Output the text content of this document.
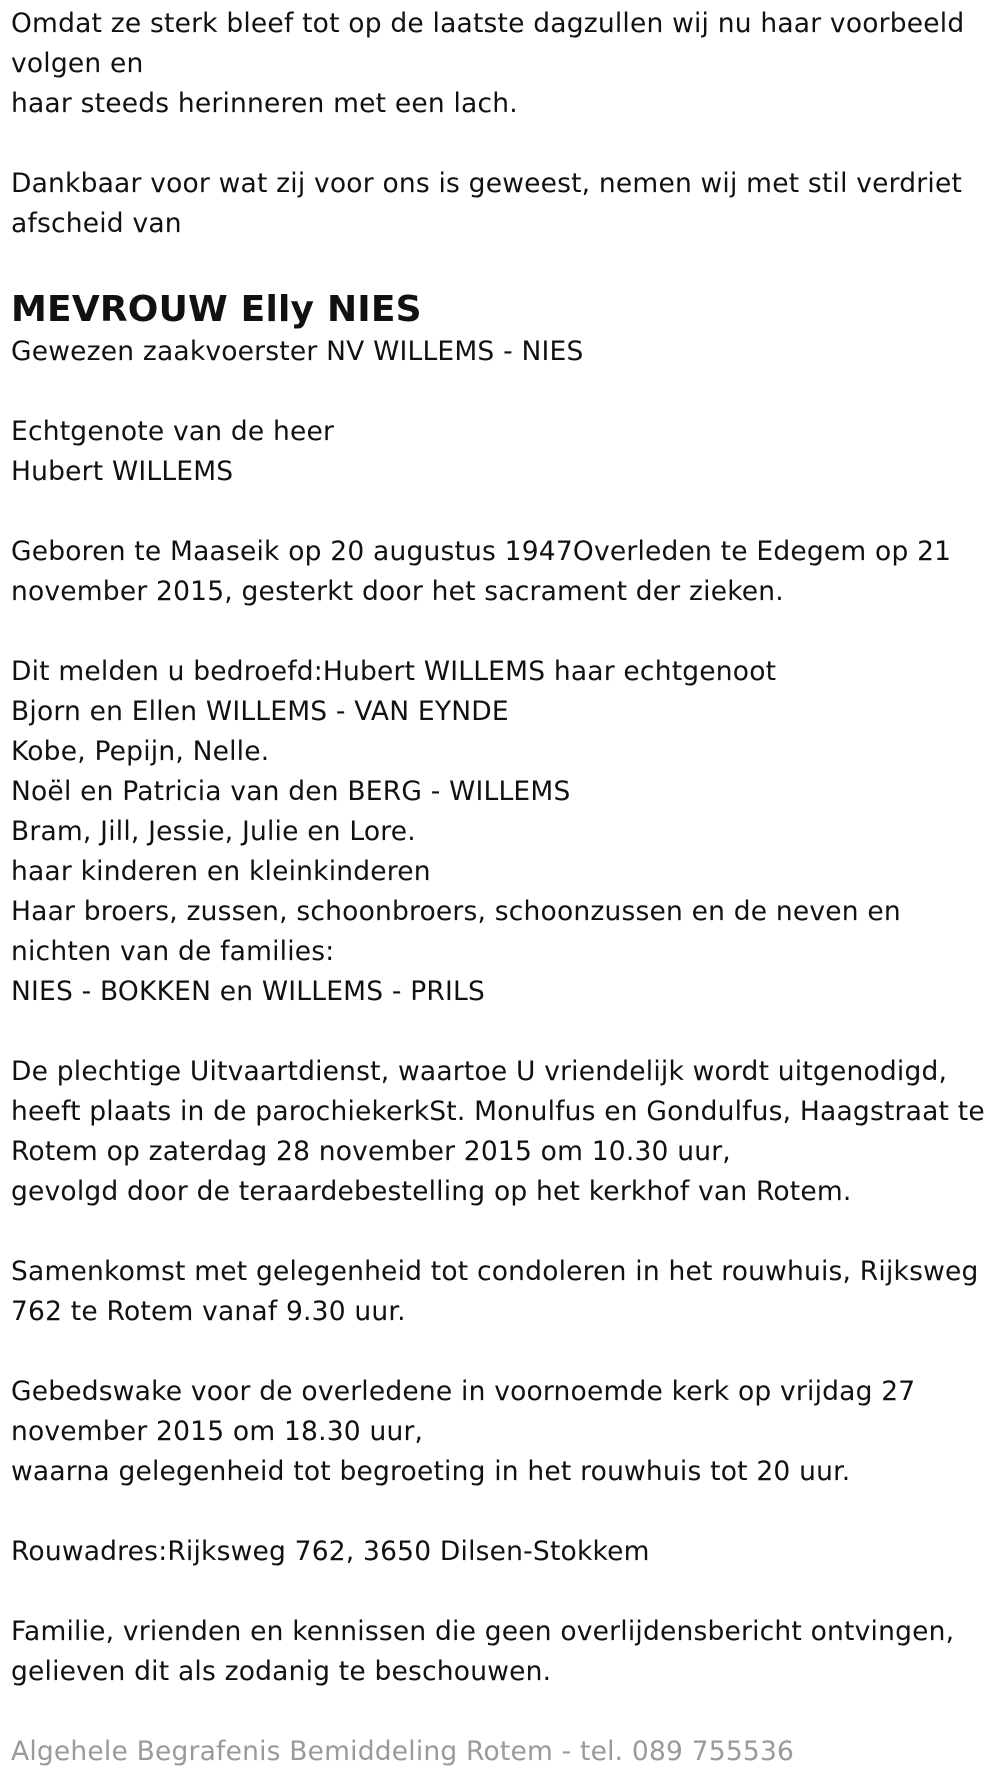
Omdat ze sterk bleef tot op de laatste dagzullen wij nu haar voorbeeld
volgen en
haar steeds herinneren met een lach.

Dankbaar voor wat zij voor ons is geweest, nemen wij met stil verdriet
afscheid van

MEVROUW Elly NIES

Gewezen zaakvoerster NV WILLEMS - NIES

Echtgenote van de heer
Hubert WILLEMS

Geboren te Maaseik op 20 augustus 1947Overleden te Edegem op 21
november 2015, gesterkt door het sacrament der zieken.

Dit melden u bedroefd:Hubert WILLEMS haar echtgenoot
Bjorn en Ellen WILLEMS - VAN EYNDE
Kobe, Pepijn, Nelle.
Noël en Patricia van den BERG - WILLEMS
Bram, Jill, Jessie, Julie en Lore.
haar kinderen en kleinkinderen
Haar broers, zussen, schoonbroers, schoonzussen en de neven en
nichten van de families:
NIES - BOKKEN en WILLEMS - PRILS

De plechtige Uitvaartdienst, waartoe U vriendelijk wordt uitgenodigd,
heeft plaats in de parochiekerkSt. Monulfus en Gondulfus, Haagstraat te
Rotem op zaterdag 28 november 2015 om 10.30 uur,
gevolgd door de teraardebestelling op het kerkhof van Rotem.

Samenkomst met gelegenheid tot condoleren in het rouwhuis, Rijksweg
762 te Rotem vanaf 9.30 uur.

Gebedswake voor de overledene in voornoemde kerk op vrijdag 27
november 2015 om 18.30 uur,
waarna gelegenheid tot begroeting in het rouwhuis tot 20 uur.

Rouwadres:Rijksweg 762, 3650 Dilsen-Stokkem

Familie, vrienden en kennissen die geen overlijdensbericht ontvingen,
gelieven dit als zodanig te beschouwen.

Algehele Begrafenis Bemiddeling Rotem - tel. 089 755536
